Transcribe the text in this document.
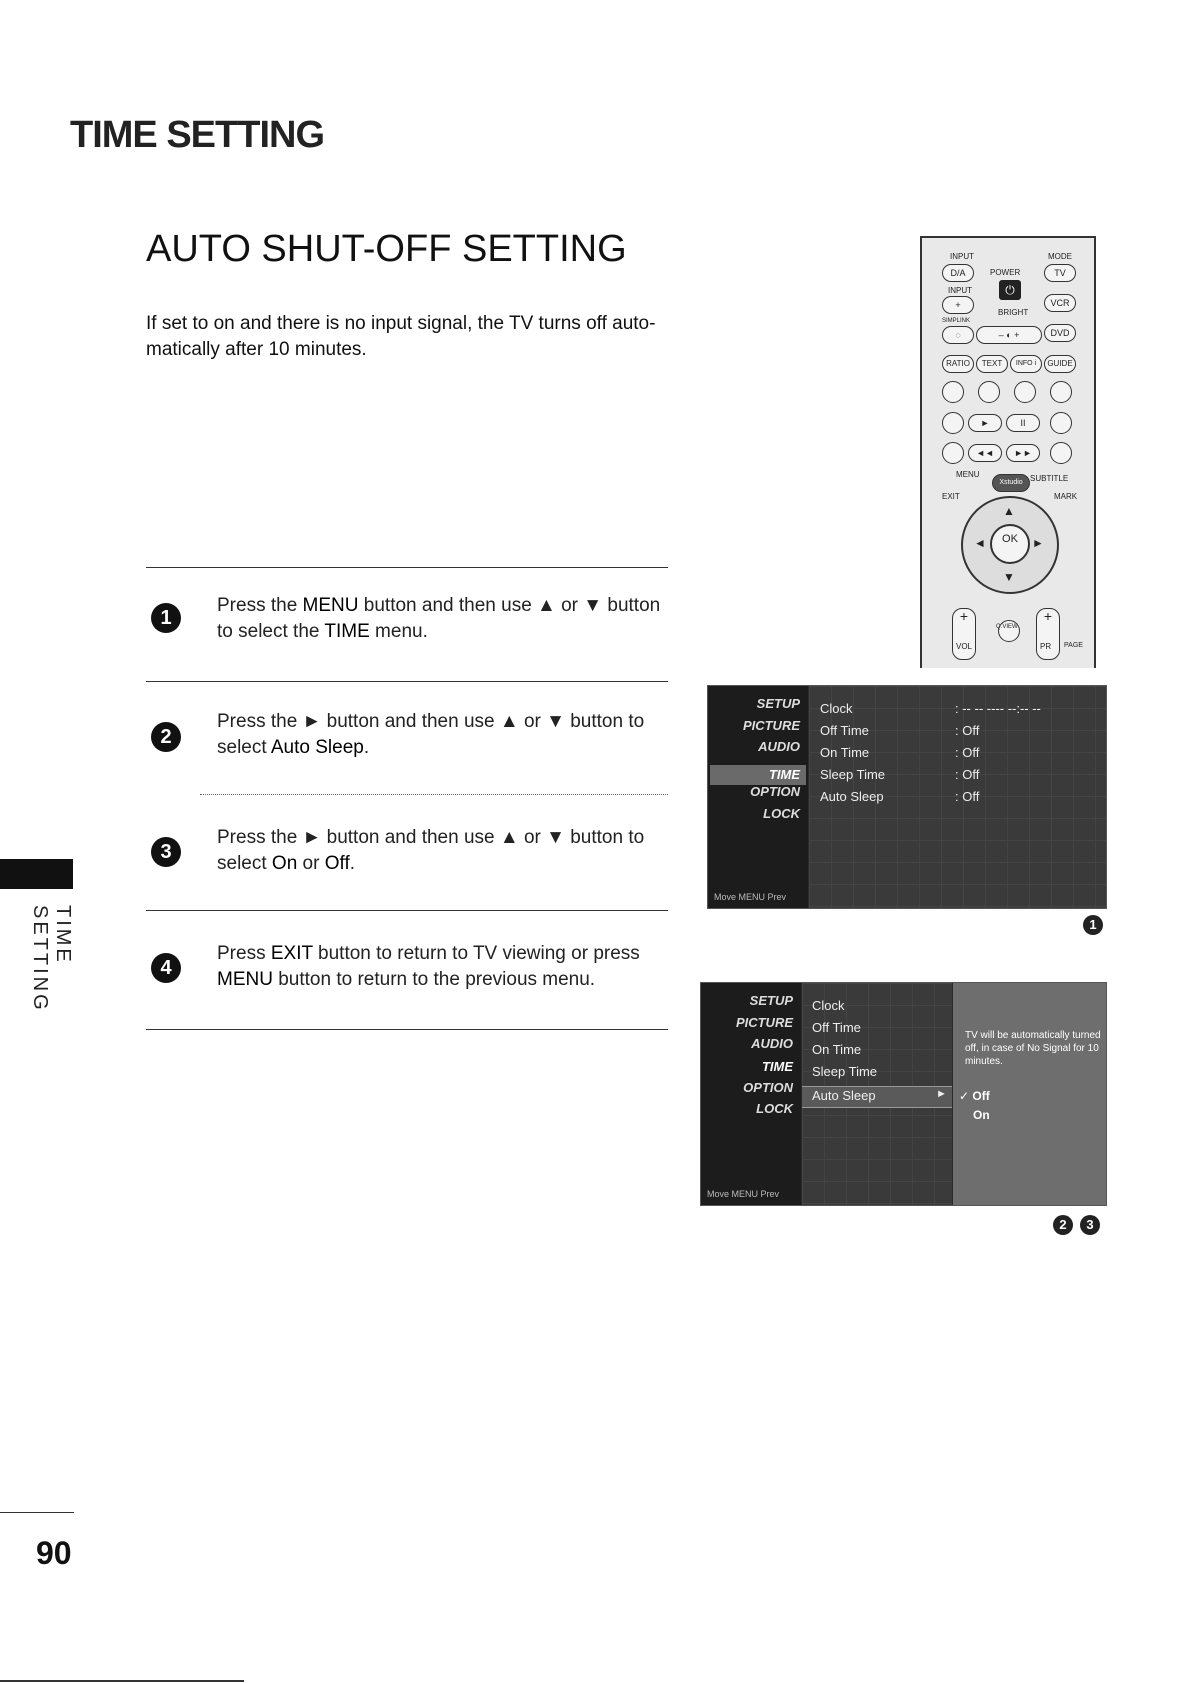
TIME SETTING
AUTO SHUT-OFF SETTING
If set to on and there is no input signal, the TV turns off auto-matically after 10 minutes.
1
Press the MENU button and then use ▲ or ▼ button to select the TIME menu.
2
Press the ► button and then use ▲ or ▼ button to select Auto Sleep.
3
Press the ► button and then use ▲ or ▼ button to select On or Off.
4
Press EXIT button to return to TV viewing or press MENU button to return to the previous menu.
TIME SETTING
90
INPUT	MODE
D/A	POWER	TV
⏻
INPUT
+	VCR
SIMPLINK
BRIGHT
◌	– ◐ +	DVD
RATIO	TEXT	INFO i	GUIDE
►	II
◄◄	►►
MENU
Xstudio SUBTITLE
EXIT	MARK
OK
◄	►
▲
▼
+
VOL
Q.VIEW
+
PR PAGE
SETUP
PICTURE
AUDIO
TIME
OPTION
LOCK
Move MENU Prev
Clock	: -- -- ---- --:-- --
Off Time	: Off
On Time	: Off
Sleep Time	: Off
Auto Sleep	: Off
1
SETUP
PICTURE
AUDIO
TIME
OPTION
LOCK
Move MENU Prev
Clock
Off Time
On Time
Sleep Time
Auto Sleep	►
TV will be automatically turned off, in case of No Signal for 10 minutes.
✓ Off
On
2	3
